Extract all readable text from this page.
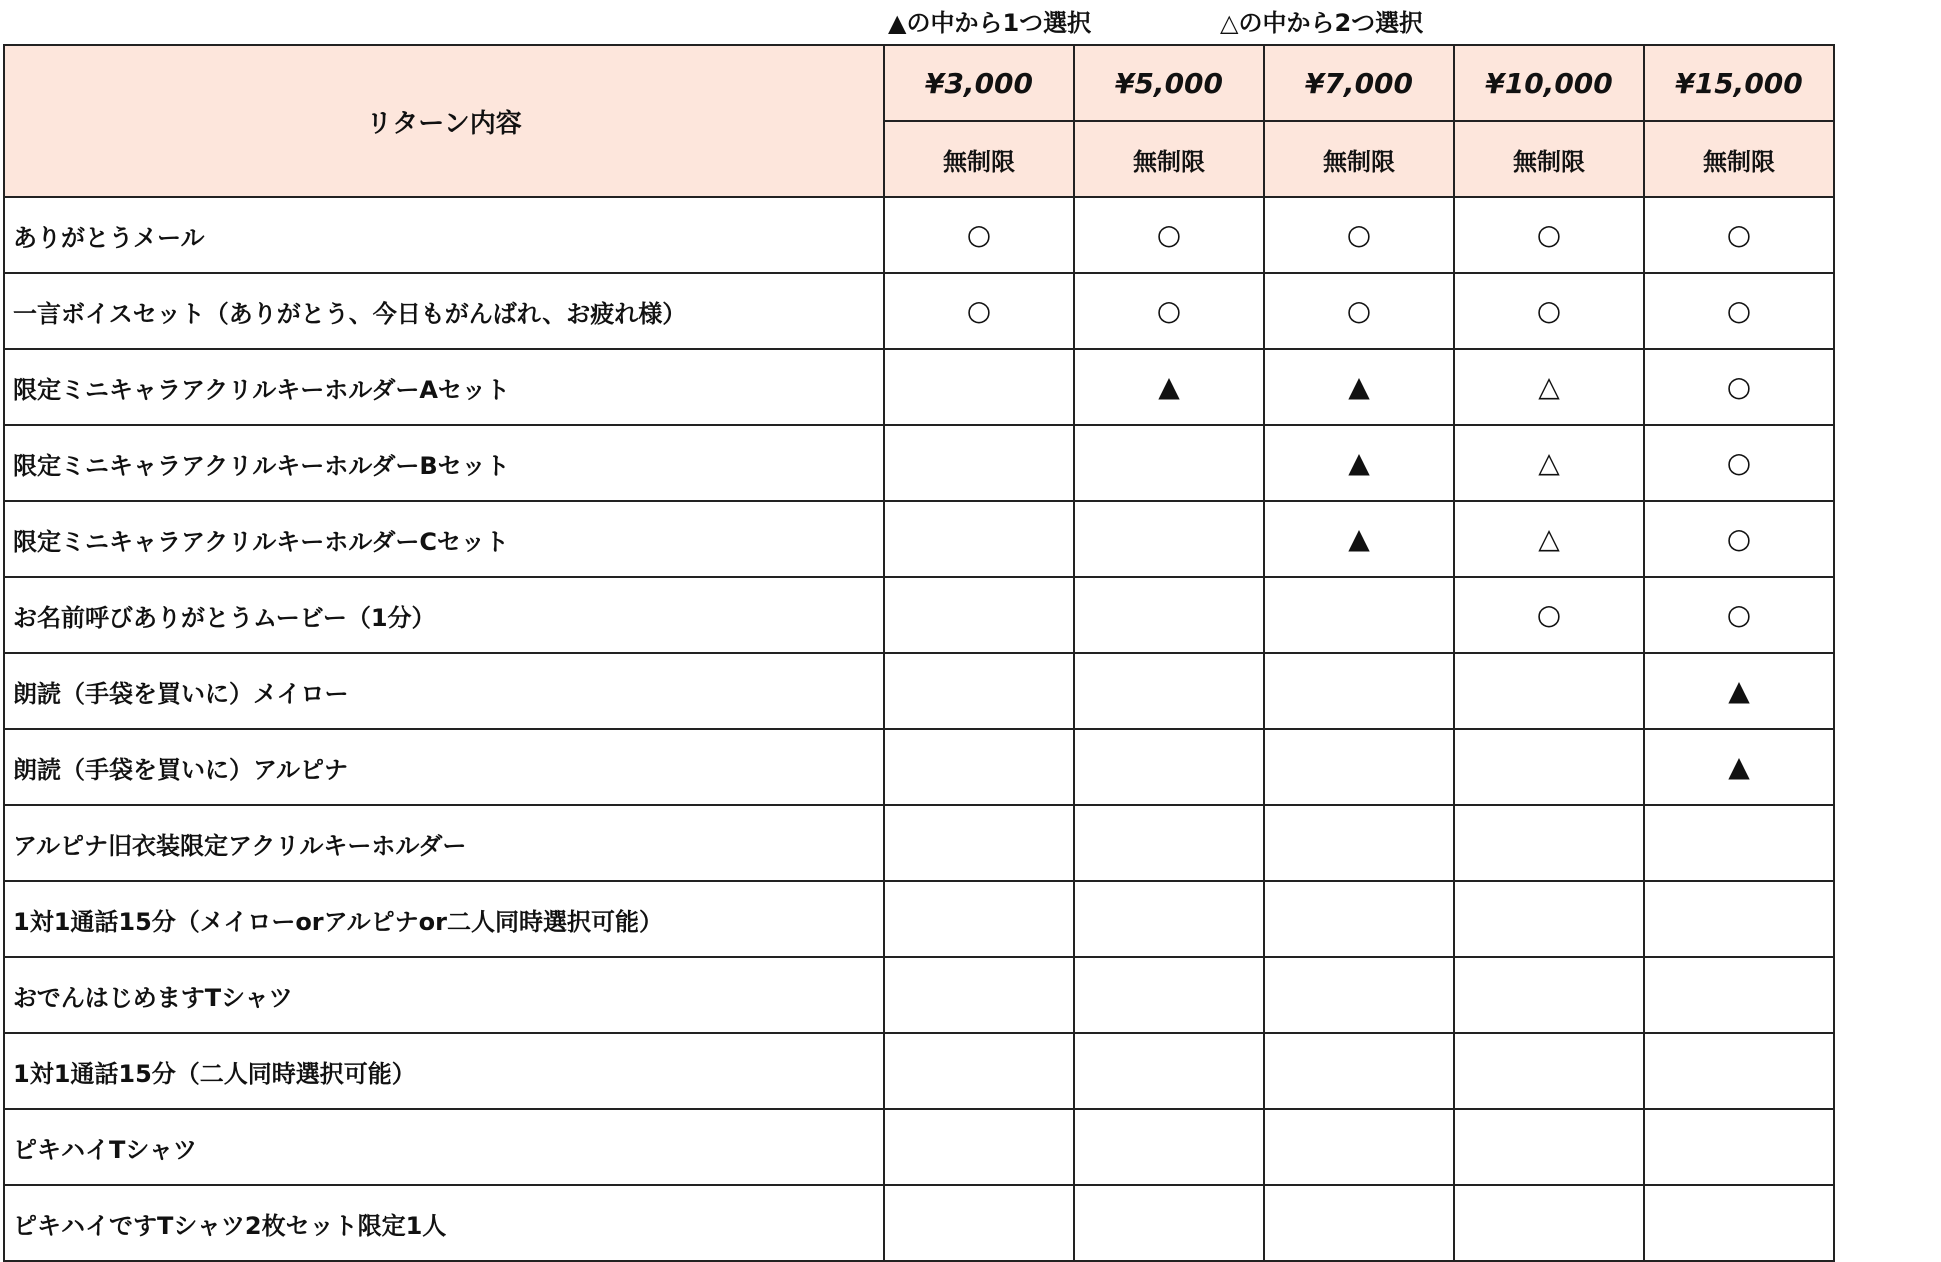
▲の中から1つ選択	△の中から2つ選択
リターン内容	¥3,000	¥5,000	¥7,000	¥10,000	¥15,000
	無制限	無制限	無制限	無制限	無制限
ありがとうメール	○	○	○	○	○
一言ボイスセット（ありがとう、今日もがんばれ、お疲れ様）	○	○	○	○	○
限定ミニキャラアクリルキーホルダーAセット		▲	▲	△	○
限定ミニキャラアクリルキーホルダーBセット			▲	△	○
限定ミニキャラアクリルキーホルダーCセット			▲	△	○
お名前呼びありがとうムービー（1分）				○	○
朗読（手袋を買いに）メイロー					▲
朗読（手袋を買いに）アルピナ					▲
アルピナ旧衣装限定アクリルキーホルダー					
1対1通話15分（メイローorアルピナor二人同時選択可能）					
おでんはじめますTシャツ					
1対1通話15分（二人同時選択可能）					
ピキハイTシャツ					
ピキハイですTシャツ2枚セット限定1人					
